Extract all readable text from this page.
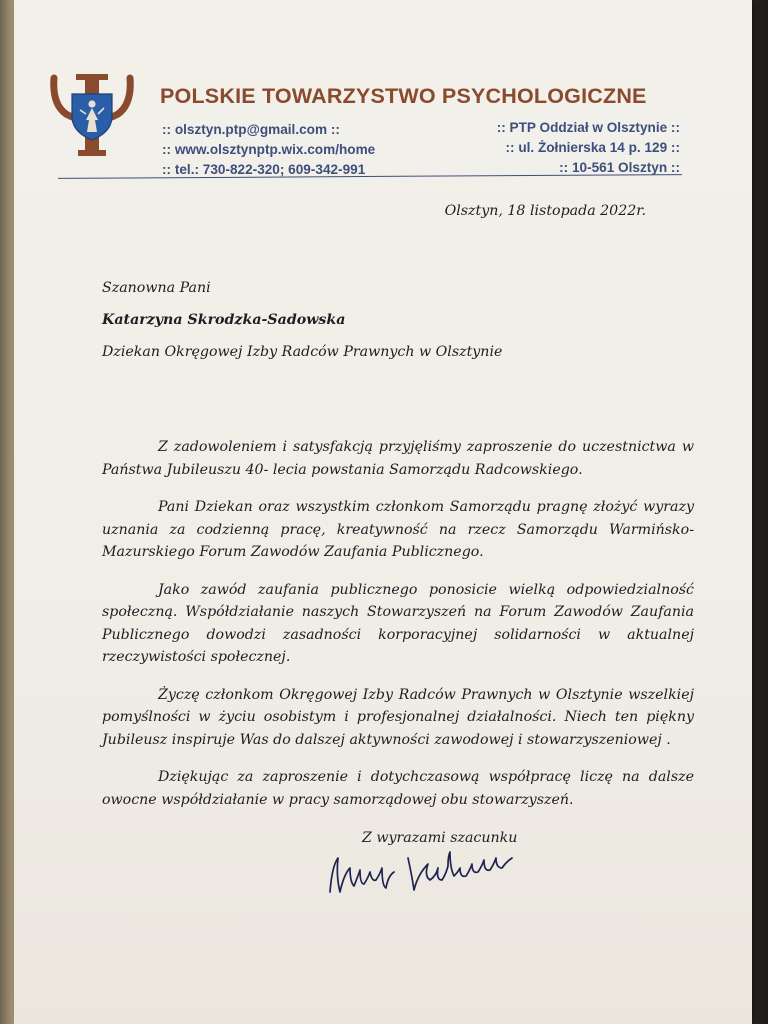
POLSKIE TOWARZYSTWO PSYCHOLOGICZNE
:: olsztyn.ptp@gmail.com ::
:: www.olsztynptp.wix.com/home
:: tel.: 730-822-320; 609-342-991
:: PTP Oddział w Olsztynie ::
:: ul. Żołnierska 14 p. 129 ::
:: 10-561 Olsztyn ::
Olsztyn, 18 listopada 2022r.
Szanowna Pani
Katarzyna Skrodzka-Sadowska
Dziekan Okręgowej Izby Radców Prawnych w Olsztynie

Z zadowoleniem i satysfakcją przyjęliśmy zaproszenie do uczestnictwa w Państwa Jubileuszu 40- lecia powstania Samorządu Radcowskiego.

Pani Dziekan oraz wszystkim członkom Samorządu pragnę złożyć wyrazy uznania za codzienną pracę, kreatywność na rzecz Samorządu Warmińsko-Mazurskiego Forum Zawodów Zaufania Publicznego.

Jako zawód zaufania publicznego ponosicie wielką odpowiedzialność społeczną. Współdziałanie naszych Stowarzyszeń na Forum Zawodów Zaufania Publicznego dowodzi zasadności korporacyjnej solidarności w aktualnej rzeczywistości społecznej.

Życzę członkom Okręgowej Izby Radców Prawnych w Olsztynie wszelkiej pomyślności w życiu osobistym i profesjonalnej działalności. Niech ten piękny Jubileusz inspiruje Was do dalszej aktywności zawodowej i stowarzyszeniowej .

Dziękując za zaproszenie i dotychczasową współpracę liczę na dalsze owocne współdziałanie w pracy samorządowej obu stowarzyszeń.

Z wyrazami szacunku
